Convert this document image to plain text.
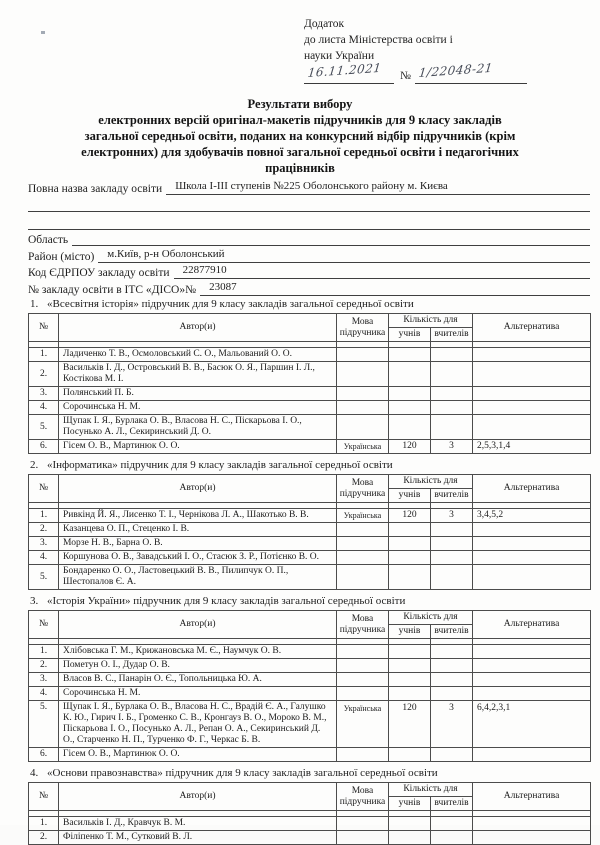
Додаток
до листа Міністерства освіти і
науки України
16.11.2021	№ 1/22048-21
Результати вибору
електронних версій оригінал-макетів підручників для 9 класу закладів
загальної середньої освіти, поданих на конкурсний відбір підручників (крім
електронних) для здобувачів повної загальної середньої освіти і педагогічних
працівників
Повна назва закладу освіти	Школа І-ІІІ ступенів №225 Оболонського району м. Києва
Область
Район (місто)	м.Київ, р-н Оболонський
Код ЄДРПОУ закладу освіти	22877910
№ закладу освіти в ІТС «ДІСО»№	23087
1. «Всесвітня історія» підручник для 9 класу закладів загальної середньої освіти
№	Автор(и)	Мова підручника	Кількість для		Альтернатива
			учнів	вчителів	

1.	Ладиченко Т. В., Осмоловський С. О., Мальований О. О.				
2.	Васильків І. Д., Островський В. В., Басюк О. Я., Паршин І. Л., Костікова М. І.				
3.	Полянський П. Б.				
4.	Сорочинська Н. М.				
5.	Щупак І. Я., Бурлака О. В., Власова Н. С., Піскарьова І. О., Посунько А. Л., Секиринський Д. О.				
6.	Гісем О. В., Мартинюк О. О.	Українська	120	3	2,5,3,1,4
2. «Інформатика» підручник для 9 класу закладів загальної середньої освіти
№	Автор(и)	Мова підручника	Кількість для		Альтернатива
			учнів	вчителів	

1.	Ривкінд Й. Я., Лисенко Т. І., Чернікова Л. А., Шакотько В. В.	Українська	120	3	3,4,5,2
2.	Казанцева О. П., Стеценко І. В.				
3.	Морзе Н. В., Барна О. В.				
4.	Коршунова О. В., Завадський І. О., Стасюк З. Р., Потієнко В. О.				
5.	Бондаренко О. О., Ластовецький В. В., Пилипчук О. П., Шестопалов Є. А.				
3. «Історія України» підручник для 9 класу закладів загальної середньої освіти
№	Автор(и)	Мова підручника	Кількість для		Альтернатива
			учнів	вчителів	

1.	Хлібовська Г. М., Крижановська М. Є., Наумчук О. В.				
2.	Пометун О. І., Дудар О. В.				
3.	Власов В. С., Панарін О. Є., Топольницька Ю. А.				
4.	Сорочинська Н. М.				
5.	Щупак І. Я., Бурлака О. В., Власова Н. С., Врадій Є. А., Галушко К. Ю., Гирич І. Б., Громенко С. В., Кронгауз В. О., Мороко В. М., Піскарьова І. О., Посунько А. Л., Репан О. А., Секиринський Д. О., Старченко Н. П., Турченко Ф. Г., Черкас Б. В.	Українська	120	3	6,4,2,3,1
6.	Гісем О. В., Мартинюк О. О.				
4. «Основи правознавства» підручник для 9 класу закладів загальної середньої освіти
№	Автор(и)	Мова підручника	Кількість для		Альтернатива
			учнів	вчителів	

1.	Васильків І. Д., Кравчук В. М.				
2.	Філіпенко Т. М., Сутковий В. Л.				
